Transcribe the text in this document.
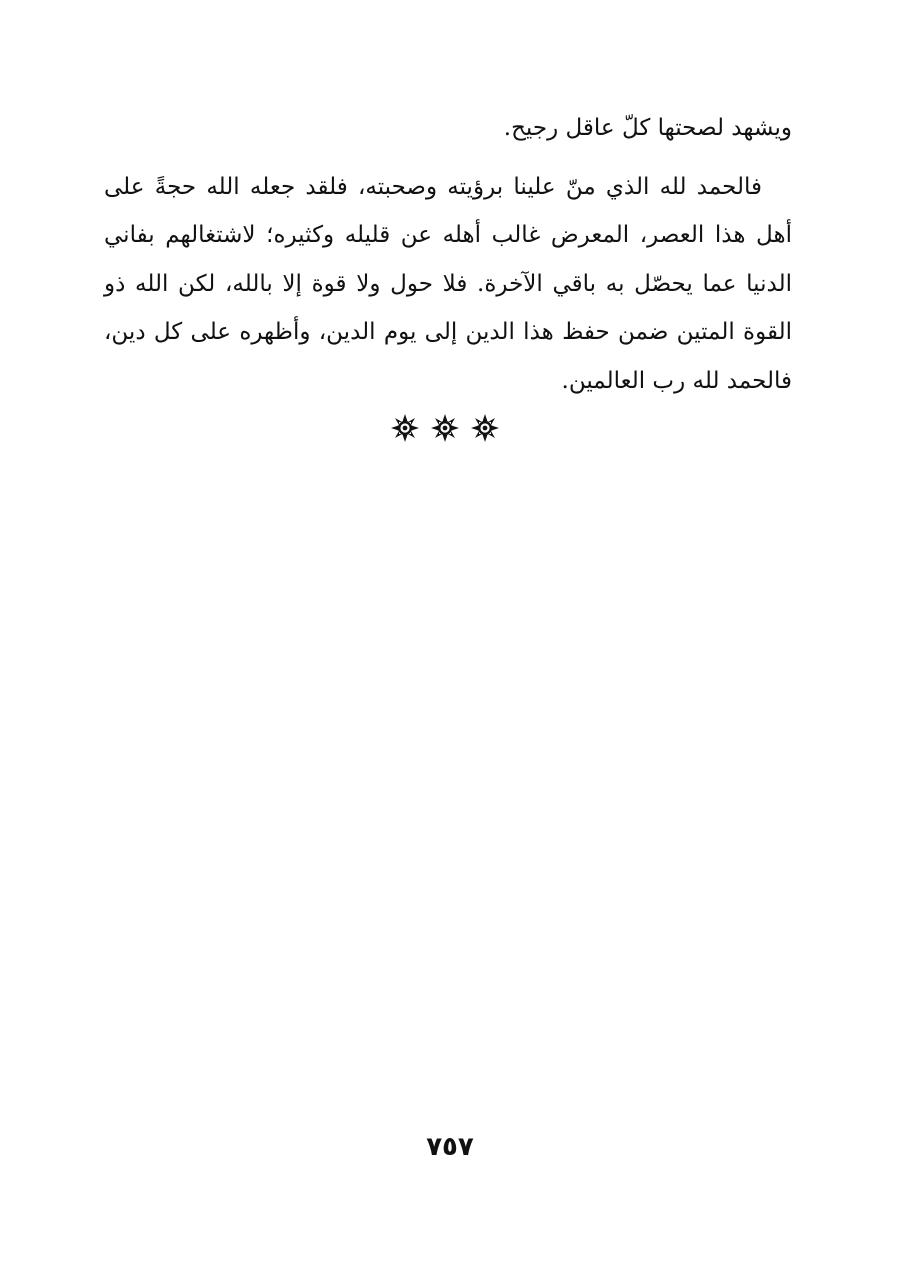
ويشهد لصحتها كلّ عاقل رجيح.

فالحمد لله الذي منّ علينا برؤيته وصحبته، فلقد جعله الله حجةً على أهل هذا العصر، المعرض غالب أهله عن قليله وكثيره؛ لاشتغالهم بفاني الدنيا عما يحصّل به باقي الآخرة. فلا حول ولا قوة إلا بالله، لكن الله ذو القوة المتين ضمن حفظ هذا الدين إلى يوم الدين، وأظهره على كل دين، فالحمد لله رب العالمين.

٧٥٧
